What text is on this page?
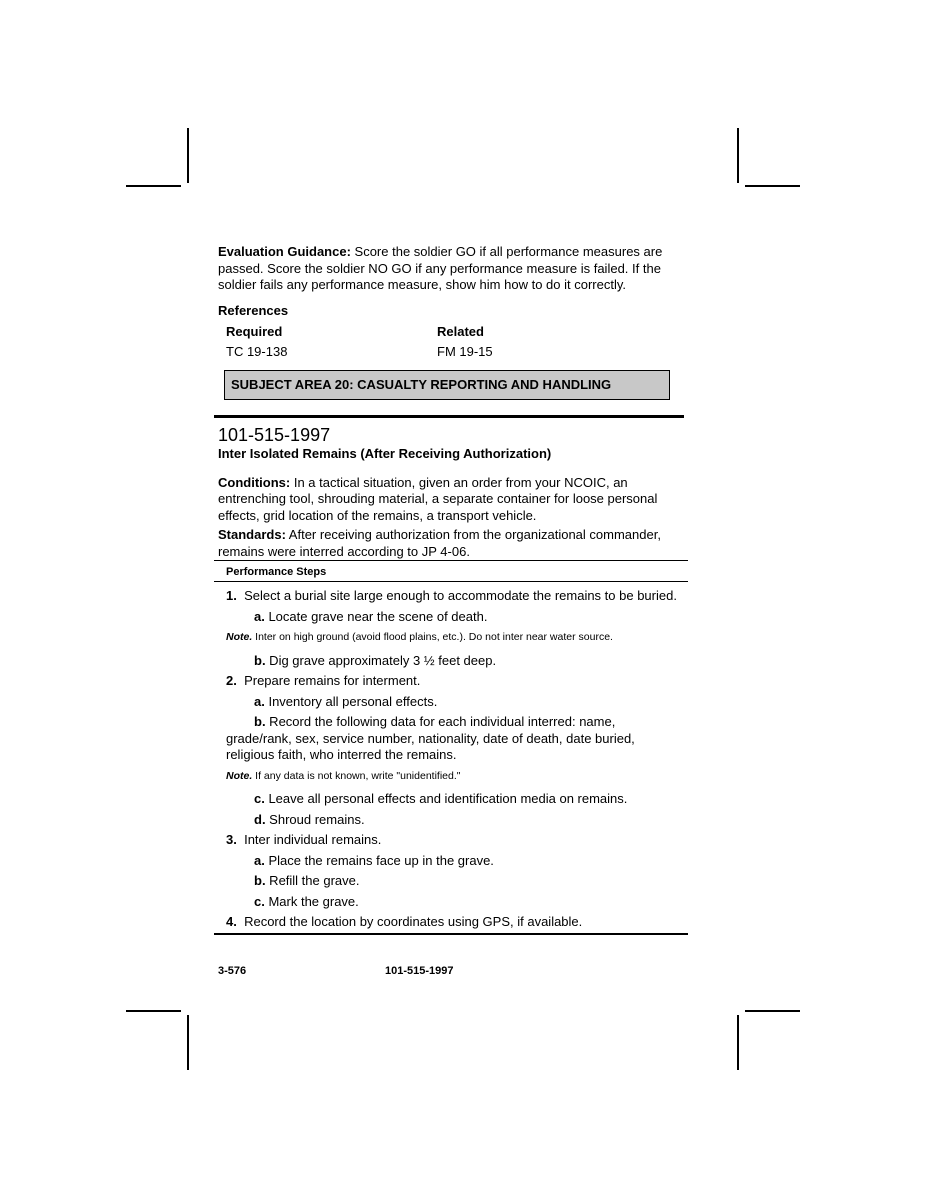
Evaluation Guidance: Score the soldier GO if all performance measures are passed. Score the soldier NO GO if any performance measure is failed. If the soldier fails any performance measure, show him how to do it correctly.

References
Required	Related
TC 19-138	FM 19-15
SUBJECT AREA 20: CASUALTY REPORTING AND HANDLING
101-515-1997
Inter Isolated Remains (After Receiving Authorization)

Conditions: In a tactical situation, given an order from your NCOIC, an entrenching tool, shrouding material, a separate container for loose personal effects, grid location of the remains, a transport vehicle.

Standards: After receiving authorization from the organizational commander, remains were interred according to JP 4-06.

Performance Steps
1. Select a burial site large enough to accommodate the remains to be buried.
a. Locate grave near the scene of death.
Note. Inter on high ground (avoid flood plains, etc.). Do not inter near water source.
b. Dig grave approximately 3 ½ feet deep.
2. Prepare remains for interment.
a. Inventory all personal effects.
b. Record the following data for each individual interred: name, grade/rank, sex, service number, nationality, date of death, date buried, religious faith, who interred the remains.
Note. If any data is not known, write "unidentified."
c. Leave all personal effects and identification media on remains.
d. Shroud remains.
3. Inter individual remains.
a. Place the remains face up in the grave.
b. Refill the grave.
c. Mark the grave.
4. Record the location by coordinates using GPS, if available.
3-576	101-515-1997
